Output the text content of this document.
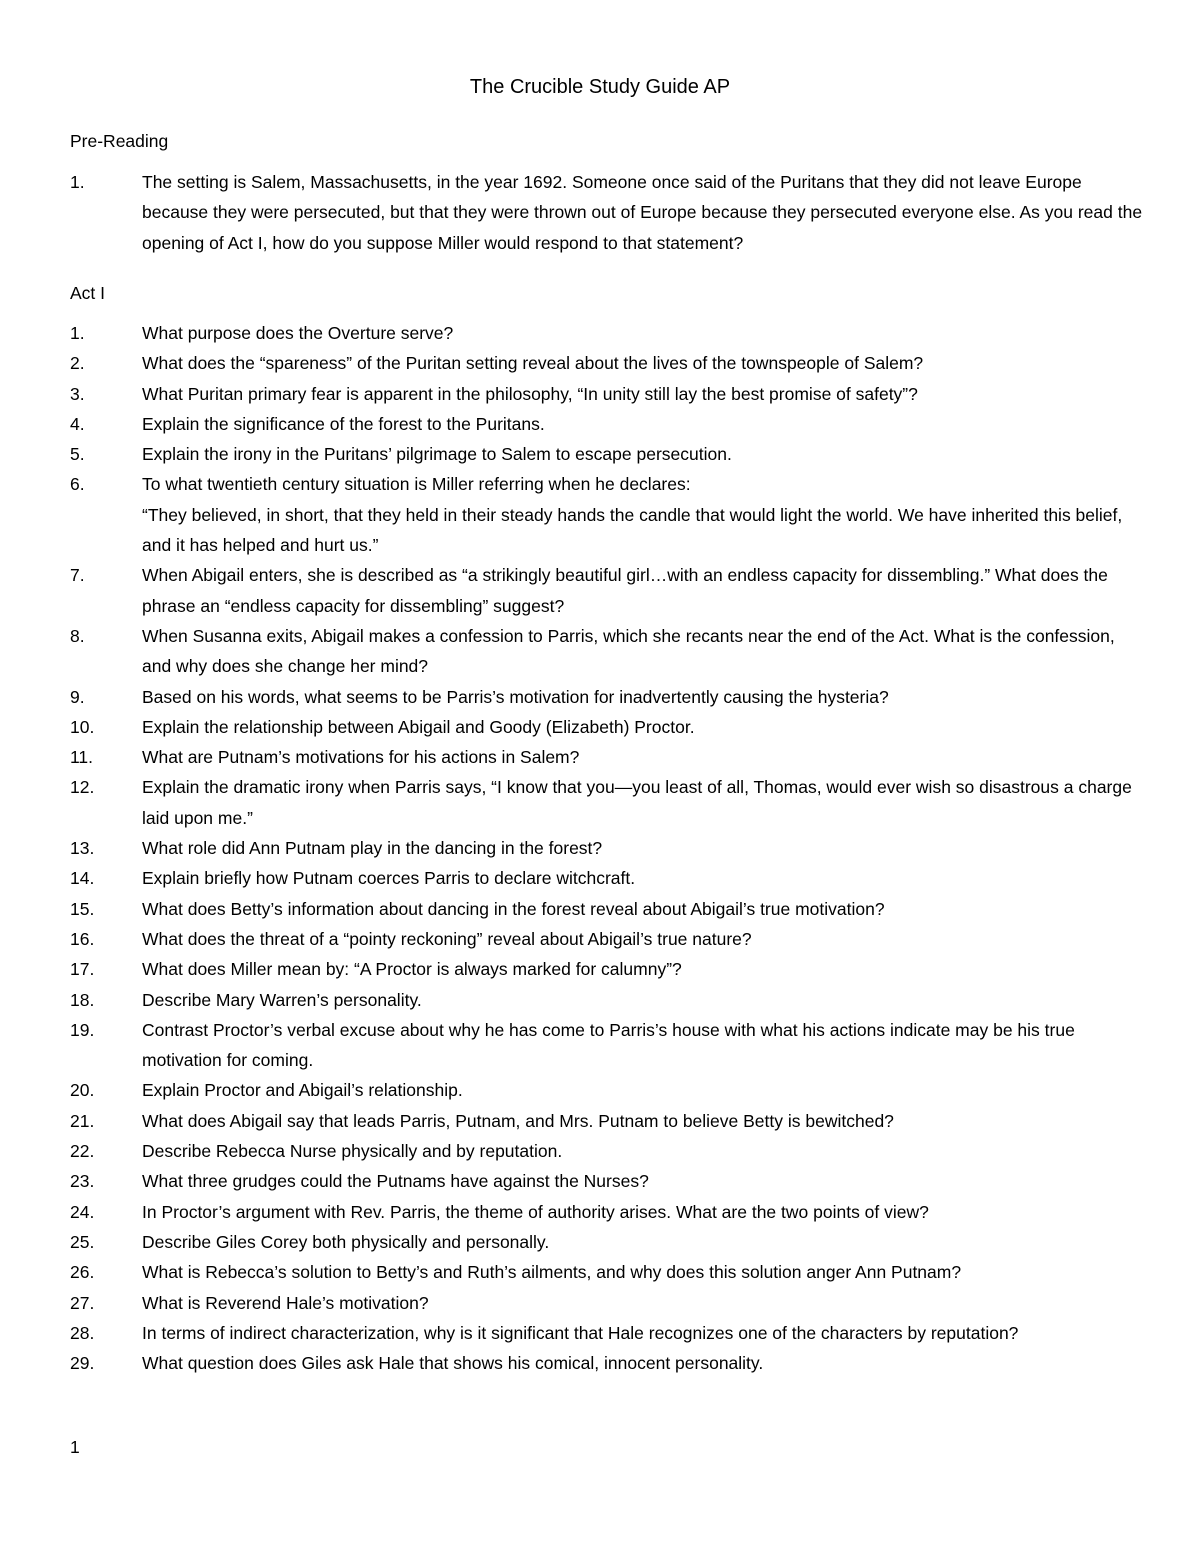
The Crucible Study Guide AP
Pre-Reading
1.	The setting is Salem, Massachusetts, in the year 1692. Someone once said of the Puritans that they did not leave Europe because they were persecuted, but that they were thrown out of Europe because they persecuted everyone else. As you read the opening of Act I, how do you suppose Miller would respond to that statement?
Act I
1.	What purpose does the Overture serve?
2.	What does the “spareness” of the Puritan setting reveal about the lives of the townspeople of Salem?
3.	What Puritan primary fear is apparent in the philosophy, “In unity still lay the best promise of safety”?
4.	Explain the significance of the forest to the Puritans.
5.	Explain the irony in the Puritans’ pilgrimage to Salem to escape persecution.
6.	To what twentieth century situation is Miller referring when he declares:
“They believed, in short, that they held in their steady hands the candle that would light the world. We have inherited this belief, and it has helped and hurt us.”
7.	When Abigail enters, she is described as “a strikingly beautiful girl…with an endless capacity for dissembling.” What does the phrase an “endless capacity for dissembling” suggest?
8.	When Susanna exits, Abigail makes a confession to Parris, which she recants near the end of the Act. What is the confession, and why does she change her mind?
9.	Based on his words, what seems to be Parris’s motivation for inadvertently causing the hysteria?
10.	Explain the relationship between Abigail and Goody (Elizabeth) Proctor.
11.	What are Putnam’s motivations for his actions in Salem?
12.	Explain the dramatic irony when Parris says, “I know that you—you least of all, Thomas, would ever wish so disastrous a charge laid upon me.”
13.	What role did Ann Putnam play in the dancing in the forest?
14.	Explain briefly how Putnam coerces Parris to declare witchcraft.
15.	What does Betty’s information about dancing in the forest reveal about Abigail’s true motivation?
16.	What does the threat of a “pointy reckoning” reveal about Abigail’s true nature?
17.	What does Miller mean by: “A Proctor is always marked for calumny”?
18.	Describe Mary Warren’s personality.
19.	Contrast Proctor’s verbal excuse about why he has come to Parris’s house with what his actions indicate may be his true motivation for coming.
20.	Explain Proctor and Abigail’s relationship.
21.	What does Abigail say that leads Parris, Putnam, and Mrs. Putnam to believe Betty is bewitched?
22.	Describe Rebecca Nurse physically and by reputation.
23.	What three grudges could the Putnams have against the Nurses?
24.	In Proctor’s argument with Rev. Parris, the theme of authority arises. What are the two points of view?
25.	Describe Giles Corey both physically and personally.
26.	What is Rebecca’s solution to Betty’s and Ruth’s ailments, and why does this solution anger Ann Putnam?
27.	What is Reverend Hale’s motivation?
28.	In terms of indirect characterization, why is it significant that Hale recognizes one of the characters by reputation?
29.	What question does Giles ask Hale that shows his comical, innocent personality.
1
